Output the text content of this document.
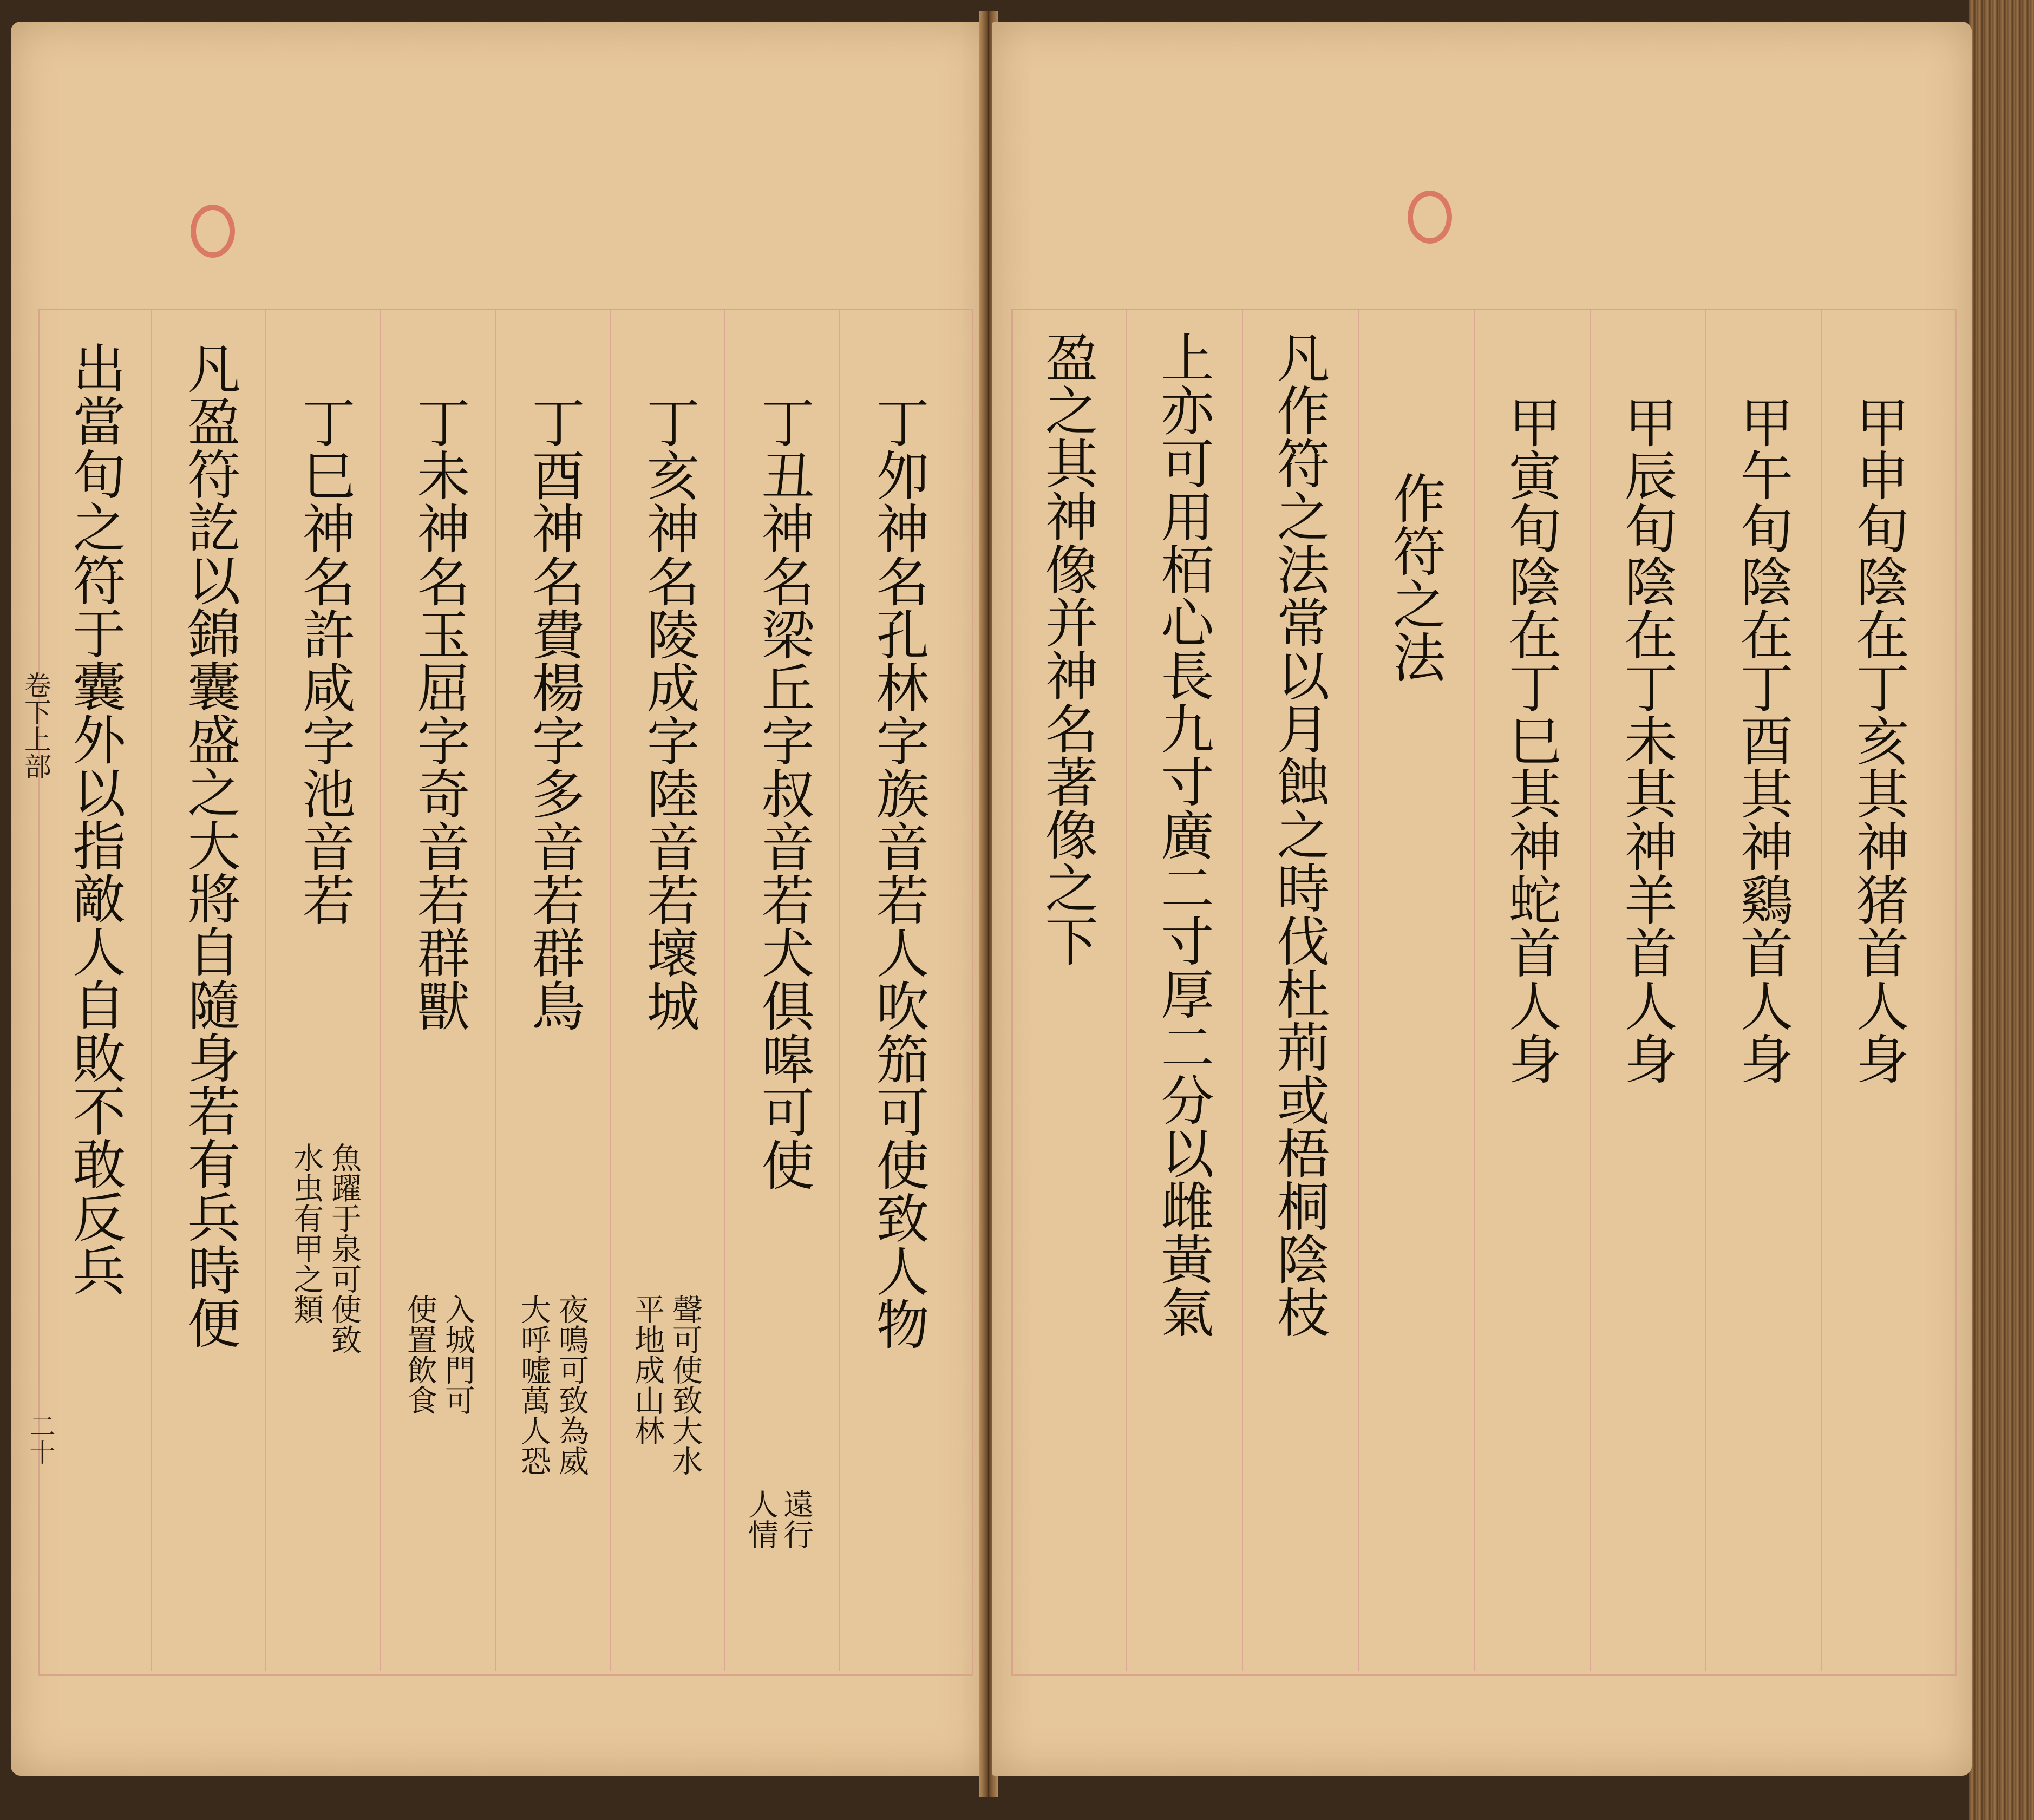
卷下上部
二十
丁夘神名孔林字族音若人吹笳可使致人物
丁丑神名梁丘字叔音若犬俱嗥可使
遠行
人情
丁亥神名陵成字陸音若壞城
聲可使致大水
平地成山林
丁酉神名費楊字多音若群鳥
夜鳴可致為威
大呼嘘萬人恐
丁未神名玉屈字奇音若群獸
入城門可
使置飲食
丁巳神名許咸字池音若
魚躍于泉可使致
水虫有甲之類
凡盈符訖以錦囊盛之大將自隨身若有兵時便
出當旬之符于囊外以指敵人自敗不敢反兵	甲申旬陰在丁亥其神猪首人身
甲午旬陰在丁酉其神鷄首人身
甲辰旬陰在丁未其神羊首人身
甲寅旬陰在丁巳其神蛇首人身
作符之法
凡作符之法常以月蝕之時伐杜荊或梧桐陰枝
上亦可用栢心長九寸廣二寸厚二分以雌黃氣
盈之其神像并神名著像之下
